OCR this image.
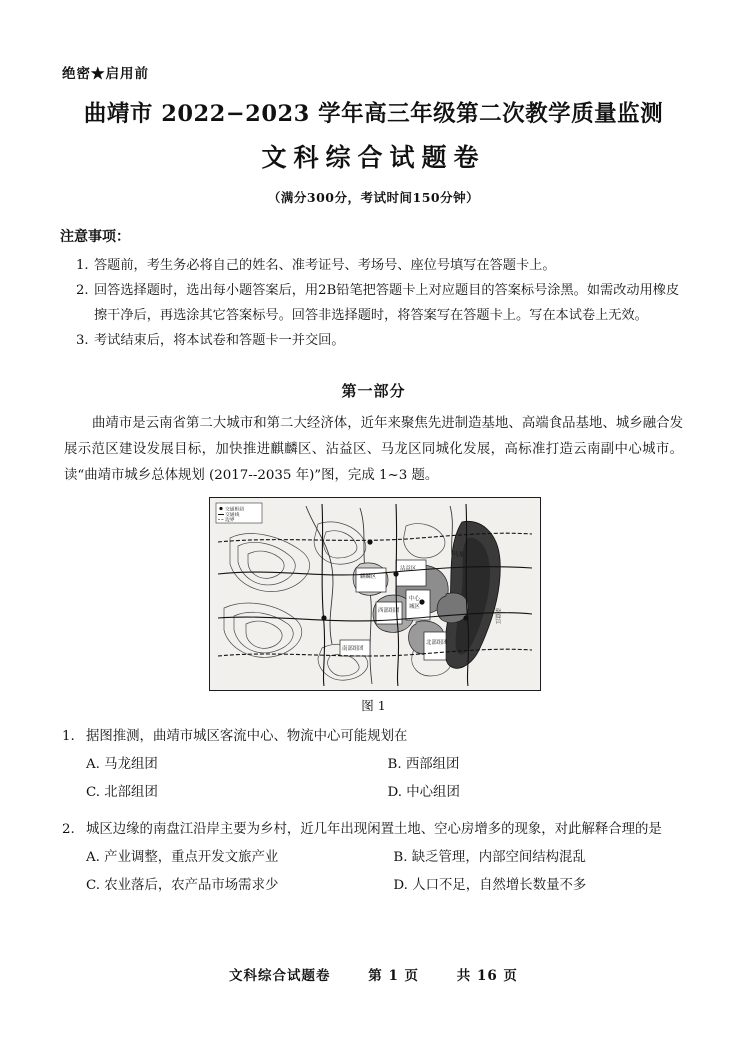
绝密★启用前
曲靖市 2022−2023 学年高三年级第二次教学质量监测
文科综合试题卷
（满分300分，考试时间150分钟）
注意事项：
1. 答题前，考生务必将自己的姓名、准考证号、考场号、座位号填写在答题卡上。
2. 回答选择题时，选出每小题答案后，用2B铅笔把答题卡上对应题目的答案标号涂黑。如需改动用橡皮擦干净后，再选涂其它答案标号。回答非选择题时，将答案写在答题卡上。写在本试卷上无效。
3. 考试结束后，将本试卷和答题卡一并交回。
第一部分
曲靖市是云南省第二大城市和第二大经济体，近年来聚焦先进制造基地、高端食品基地、城乡融合发展示范区建设发展目标，加快推进麒麟区、沾益区、马龙区同城化发展，高标准打造云南副中心城市。读“曲靖市城乡总体规划 (2017--2035 年)”图，完成 1~3 题。
麒麟区
沾益区
中心
城区
西部组团
南部组团
北部组团
马龙
南盘江
交通枢纽
交通线
边界
图 1
1. 据图推测，曲靖市城区客流中心、物流中心可能规划在
A. 马龙组团	B. 西部组团
C. 北部组团	D. 中心组团
2. 城区边缘的南盘江沿岸主要为乡村，近几年出现闲置土地、空心房增多的现象，对此解释合理的是
A. 产业调整，重点开发文旅产业	B. 缺乏管理，内部空间结构混乱
C. 农业落后，农产品市场需求少	D. 人口不足，自然增长数量不多
文科综合试题卷	第 1 页	共 16 页
